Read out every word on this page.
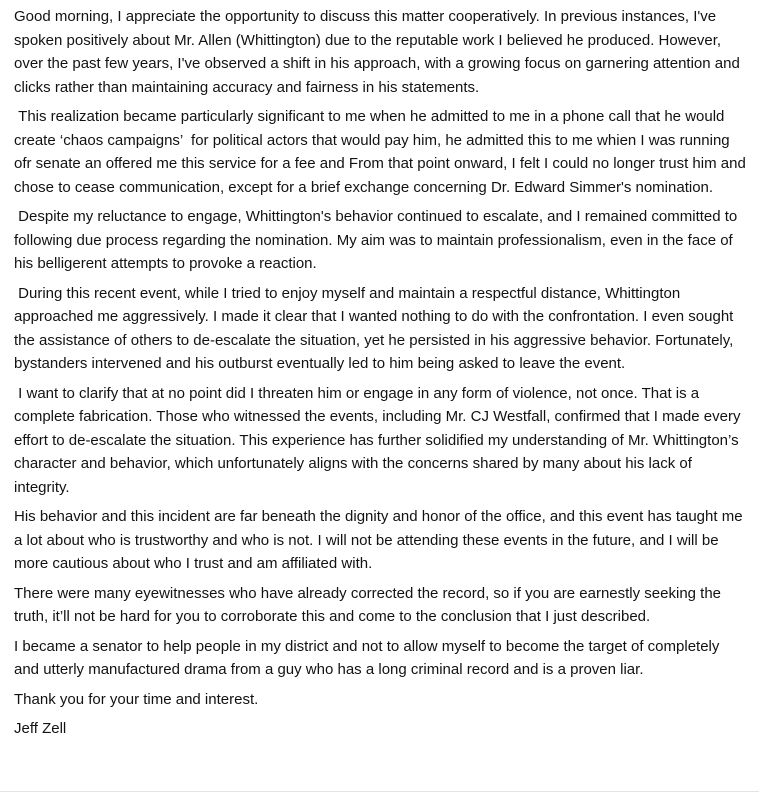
Good morning, I appreciate the opportunity to discuss this matter cooperatively. In previous instances, I've spoken positively about Mr. Allen (Whittington) due to the reputable work I believed he produced. However, over the past few years, I've observed a shift in his approach, with a growing focus on garnering attention and clicks rather than maintaining accuracy and fairness in his statements.

This realization became particularly significant to me when he admitted to me in a phone call that he would create ‘chaos campaigns’  for political actors that would pay him, he admitted this to me whien I was running ofr senate an offered me this service for a fee and From that point onward, I felt I could no longer trust him and chose to cease communication, except for a brief exchange concerning Dr. Edward Simmer's nomination.

Despite my reluctance to engage, Whittington's behavior continued to escalate, and I remained committed to following due process regarding the nomination. My aim was to maintain professionalism, even in the face of his belligerent attempts to provoke a reaction.

During this recent event, while I tried to enjoy myself and maintain a respectful distance, Whittington approached me aggressively. I made it clear that I wanted nothing to do with the confrontation. I even sought the assistance of others to de-escalate the situation, yet he persisted in his aggressive behavior. Fortunately, bystanders intervened and his outburst eventually led to him being asked to leave the event.

I want to clarify that at no point did I threaten him or engage in any form of violence, not once. That is a complete fabrication. Those who witnessed the events, including Mr. CJ Westfall, confirmed that I made every effort to de-escalate the situation. This experience has further solidified my understanding of Mr. Whittington’s character and behavior, which unfortunately aligns with the concerns shared by many about his lack of integrity.

His behavior and this incident are far beneath the dignity and honor of the office, and this event has taught me a lot about who is trustworthy and who is not. I will not be attending these events in the future, and I will be more cautious about who I trust and am affiliated with.

There were many eyewitnesses who have already corrected the record, so if you are earnestly seeking the truth, it’ll not be hard for you to corroborate this and come to the conclusion that I just described.

I became a senator to help people in my district and not to allow myself to become the target of completely and utterly manufactured drama from a guy who has a long criminal record and is a proven liar.

Thank you for your time and interest.

Jeff Zell
